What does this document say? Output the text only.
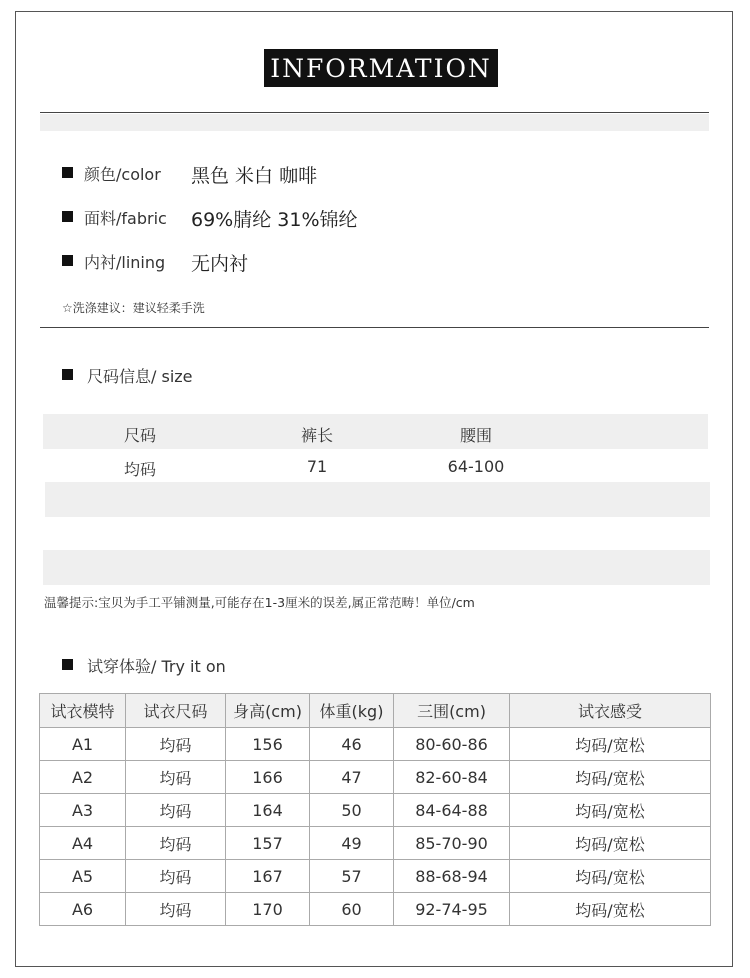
INFORMATION
颜色/color 黑色 米白 咖啡
面料/fabric 69%腈纶 31%锦纶
内衬/lining 无内衬
☆洗涤建议：建议轻柔手洗
尺码信息/ size
尺码	裤长	腰围
均码	71	64-100
温馨提示:宝贝为手工平铺测量,可能存在1-3厘米的误差,属正常范畴！单位/cm
试穿体验/ Try it on
试衣模特	试衣尺码	身高(cm)	体重(kg)	三围(cm)	试衣感受
A1	均码	156	46	80-60-86	均码/宽松
A2	均码	166	47	82-60-84	均码/宽松
A3	均码	164	50	84-64-88	均码/宽松
A4	均码	157	49	85-70-90	均码/宽松
A5	均码	167	57	88-68-94	均码/宽松
A6	均码	170	60	92-74-95	均码/宽松
